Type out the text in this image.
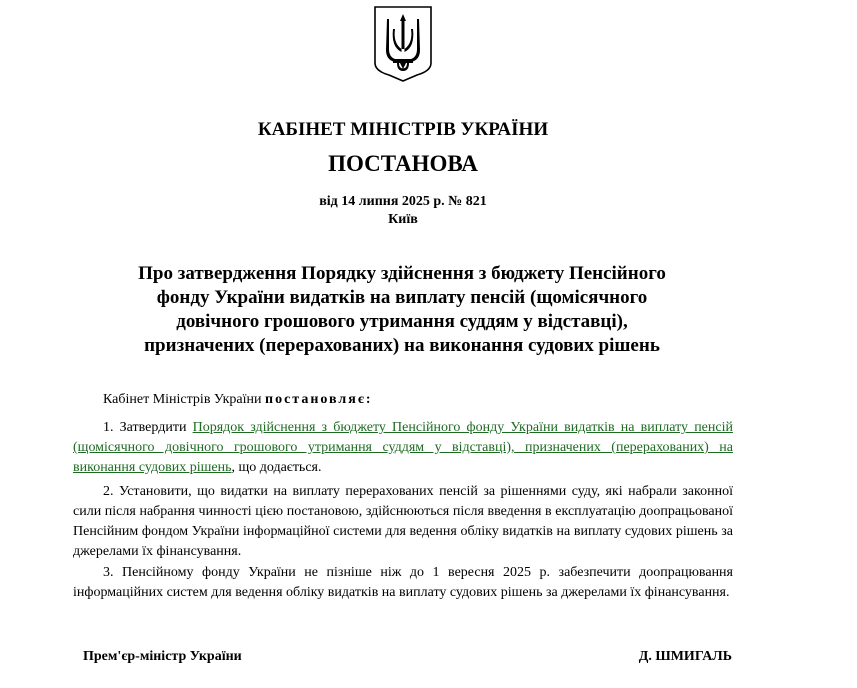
КАБІНЕТ МІНІСТРІВ УКРАЇНИ
ПОСТАНОВА
від 14 липня 2025 р. № 821
Київ
Про затвердження Порядку здійснення з бюджету Пенсійного
фонду України видатків на виплату пенсій (щомісячного
довічного грошового утримання суддям у відставці),
призначених (перерахованих) на виконання судових рішень
Кабінет Міністрів України постановляє:
1. Затвердити Порядок здійснення з бюджету Пенсійного фонду України видатків на виплату пенсій (щомісячного довічного грошового утримання суддям у відставці), призначених (перерахованих) на виконання судових рішень, що додається.
2. Установити, що видатки на виплату перерахованих пенсій за рішеннями суду, які набрали законної сили після набрання чинності цією постановою, здійснюються після введення в експлуатацію доопрацьованої Пенсійним фондом України інформаційної системи для ведення обліку видатків на виплату судових рішень за джерелами їх фінансування.
3. Пенсійному фонду України не пізніше ніж до 1 вересня 2025 р. забезпечити доопрацювання інформаційних систем для ведення обліку видатків на виплату судових рішень за джерелами їх фінансування.
Прем'єр-міністр України	Д. ШМИГАЛЬ
